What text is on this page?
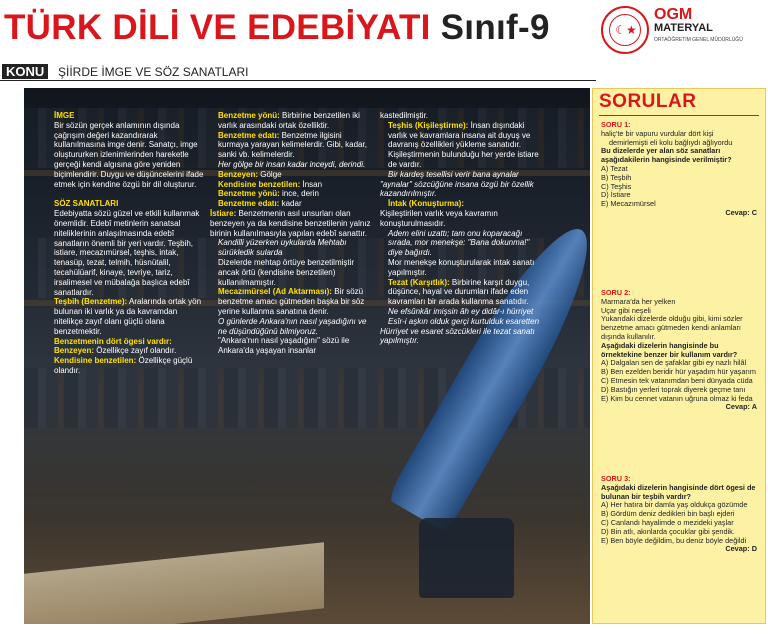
TÜRK DİLİ VE EDEBİYATI Sınıf-9	☾★
OGM
MATERYAL
ORTAÖĞRETİM GENEL MÜDÜRLÜĞÜ
KONU	ŞİİRDE İMGE VE SÖZ SANATLARI
İMGE
Bir sözün gerçek anlamının dışında çağrışım değeri kazandırarak kullanılmasına imge denir. Sanatçı, imge oluştururken izlenimlerinden hareketle gerçeği kendi algısına göre yeniden biçimlendirir. Duygu ve düşüncelerini ifade etmek için kendine özgü bir dil oluşturur.
SÖZ SANATLARI
Edebiyatta sözü güzel ve etkili kullanmak önemlidir. Edebî metinlerin sanatsal niteliklerinin anlaşılmasında edebî sanatların önemli bir yeri vardır. Teşbih, istiare, mecazımürsel, teşhis, intak, tenasüp, tezat, telmih, hüsnütalil, tecahülüarif, kinaye, tevriye, tariz, irsalimesel ve mübalağa başlıca edebî sanatlardır.
Teşbih (Benzetme): Aralarında ortak yön bulunan iki varlık ya da kavramdan nitelikçe zayıf olanı güçlü olana benzetmektir.
Benzetmenin dört ögesi vardır:
Benzeyen: Özellikçe zayıf olandır.
Kendisine benzetilen: Özellikçe güçlü olandır.
Benzetme yönü: Birbirine benzetilen iki varlık arasındaki ortak özelliktir.
Benzetme edatı: Benzetme ilgisini kurmaya yarayan kelimelerdir. Gibi, kadar, sanki vb. kelimelerdir.
Her gölge bir insan kadar inceydi, derindi.
Benzeyen: Gölge
Kendisine benzetilen: İnsan
Benzetme yönü: ince, derin
Benzetme edatı: kadar
İstiare: Benzetmenin asıl unsurları olan benzeyen ya da kendisine benzetilenin yalnız birinin kullanılmasıyla yapılan edebî sanattır.
Kandilli yüzerken uykularda Mehtabı sürükledik sularda
Dizelerde mehtap örtüye benzetilmiştir ancak örtü (kendisine benzetilen) kullanılmamıştır.
Mecazımürsel (Ad Aktarması): Bir sözü benzetme amacı gütmeden başka bir söz yerine kullanma sanatına denir.
O günlerde Ankara'nın nasıl yaşadığını ve ne düşündüğünü bilmiyoruz.
"Ankara'nın nasıl yaşadığını" sözü ile Ankara'da yaşayan insanlar
kastedilmiştir.
Teşhis (Kişileştirme): İnsan dışındaki varlık ve kavramlara insana ait duyuş ve davranış özellikleri yükleme sanatıdır. Kişileştirmenin bulunduğu her yerde istiare de vardır.
Bir kardeş tesellisi verir bana aynalar
"aynalar" sözcüğüne insana özgü bir özellik kazandırılmıştır.
İntak (Konuşturma):
Kişileştirilen varlık veya kavramın konuşturulmasıdır.
Adem elini uzattı; tam onu koparacağı sırada, mor menekşe: "Bana dokunma!" diye bağırdı.
Mor menekşe konuşturularak intak sanatı yapılmıştır.
Tezat (Karşıtlık): Birbirine karşıt duygu, düşünce, hayal ve durumları ifade eden kavramları bir arada kullanma sanatıdır.
Ne efsûnkâr imişsin âh ey didâr-ı hürriyet Esîr-i aşkın olduk gerçi kurtulduk esaretten
Hürriyet ve esaret sözcükleri ile tezat sanatı yapılmıştır.
SORULAR
SORU 1:
haliç'te bir vapuru vurdular dört kişi
demirlemişti eli kolu bağlıydı ağlıyordu
Bu dizelerde yer alan söz sanatları aşağıdakilerin hangisinde verilmiştir?
A) Tezat
B) Teşbih
C) Teşhis
D) İstiare
E) Mecazımürsel
Cevap: C
SORU 2:
Marmara'da her yelken
Uçar gibi neşeli
Yukarıdaki dizelerde olduğu gibi, kimi sözler benzetme amacı gütmeden kendi anlamları dışında kullanılır.
Aşağıdaki dizelerin hangisinde bu örnektekine benzer bir kullanım vardır?
A) Dalgalan sen de şafaklar gibi ey nazlı hilâl
B) Ben ezelden beridir hür yaşadım hür yaşarım
C) Etmesin tek vatanımdan beni dünyada cüda
D) Bastığın yerleri toprak diyerek geçme tanı
E) Kim bu cennet vatanın uğruna olmaz ki feda
Cevap: A
SORU 3:
Aşağıdaki dizelerin hangisinde dört ögesi de bulunan bir teşbih vardır?
A) Her hatıra bir damla yaş olduk​ça gözümde
B) Gördüm deniz dedikleri bin başlı ejderi
C) Canlandı hayalimde o mezideki yaşlar
D) Bin atlı, akınlarda çocuklar gibi şendik.
E) Ben böyle değildim, bu deniz böyle değildi
Cevap: D
